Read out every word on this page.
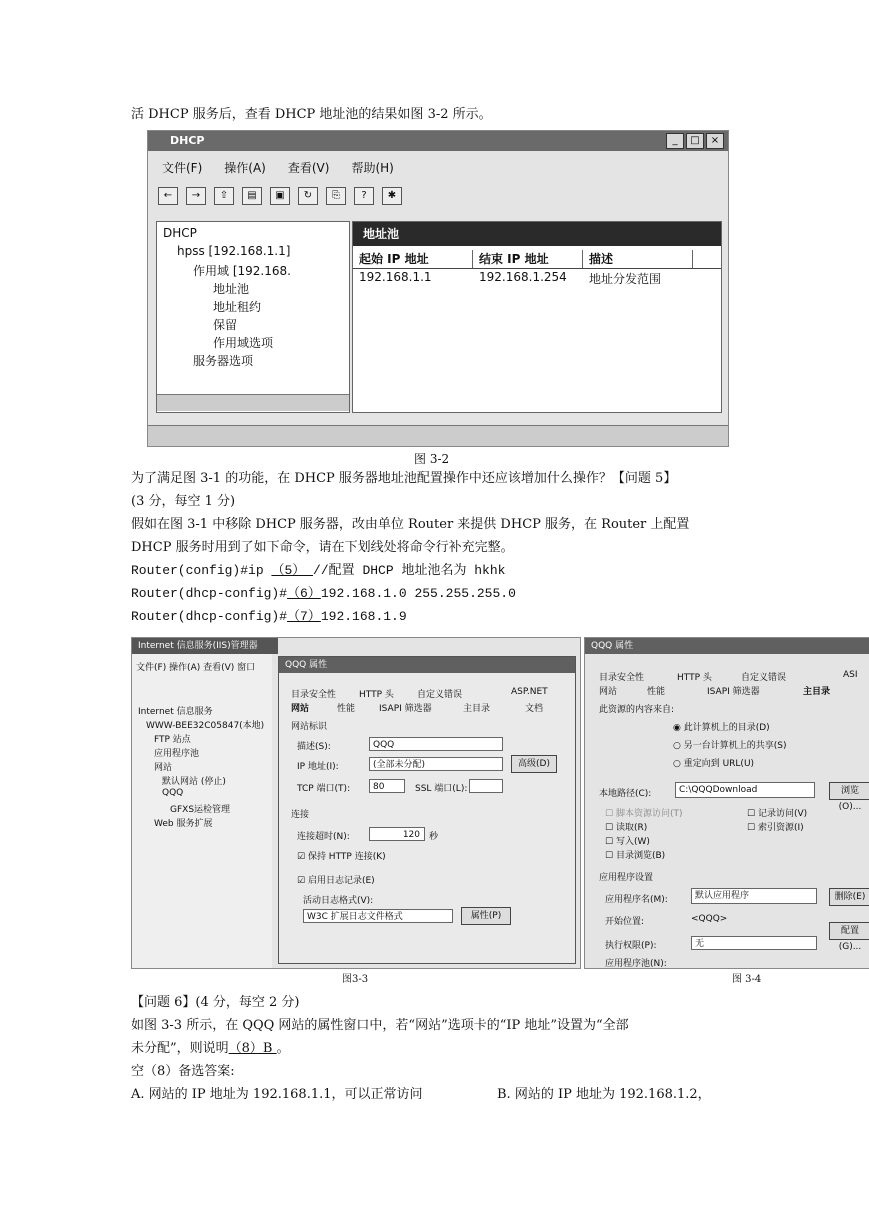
活 DHCP 服务后，查看 DHCP 地址池的结果如图 3-2 所示。
DHCP	_	□	×
文件(F) 操作(A) 查看(V) 帮助(H)
←	→	⇧	▤	▣	↻	⎘	?	✱
DHCP
hpss [192.168.1.1]
作用域 [192.168.
地址池
地址租约
保留
作用域选项
服务器选项
地址池
起始 IP 地址	结束 IP 地址	描述
192.168.1.1	192.168.1.254	地址分发范围
图 3-2
为了满足图 3-1 的功能，在 DHCP 服务器地址池配置操作中还应该增加什么操作？【问题 5】
(3 分，每空 1 分)
假如在图 3-1 中移除 DHCP 服务器，改由单位 Router 来提供 DHCP 服务，在 Router 上配置
DHCP 服务时用到了如下命令，请在下划线处将命令行补充完整。
Router(config)#ip （5） //配置 DHCP 地址池名为 hkhk
Router(dhcp-config)#（6）192.168.1.0 255.255.255.0
Router(dhcp-config)#（7）192.168.1.9
Internet 信息服务(IIS)管理器
文件(F) 操作(A) 查看(V) 窗口
Internet 信息服务
WWW-BEE32C05847(本地)
FTP 站点
应用程序池
网站
默认网站 (停止)
QQQ
GFXS运检管理
Web 服务扩展
QQQ 属性
目录安全性	HTTP 头	自定义错误	ASP.NET
网站	性能	ISAPI 筛选器	主目录	文档
网站标识
描述(S):	QQQ
IP 地址(I):	(全部未分配)	高级(D)
TCP 端口(T):	80	SSL 端口(L):
连接
连接超时(N):	120	秒
☑ 保持 HTTP 连接(K)
☑ 启用日志记录(E)
活动日志格式(V):
W3C 扩展日志文件格式	属性(P)
图3-3
QQQ 属性
目录安全性	HTTP 头	自定义错误	ASI
网站	性能	ISAPI 筛选器	主目录
此资源的内容来自:
◉ 此计算机上的目录(D)
○ 另一台计算机上的共享(S)
○ 重定向到 URL(U)
本地路径(C):	C:\QQQDownload	浏览(O)...
☐ 脚本资源访问(T)
☐ 读取(R)
☐ 写入(W)
☐ 目录浏览(B)
☐ 记录访问(V)
☐ 索引资源(I)
应用程序设置
应用程序名(M):	默认应用程序	删除(E)
开始位置:	<QQQ>
配置(G)...
执行权限(P):	无
应用程序池(N):
图 3-4
【问题 6】(4 分，每空 2 分)
如图 3-3 所示，在 QQQ 网站的属性窗口中，若“网站”选项卡的“IP 地址”设置为“全部
未分配”，则说明（8）B 。
空（8）备选答案:
A. 网站的 IP 地址为 192.168.1.1，可以正常访问	B. 网站的 IP 地址为 192.168.1.2，
